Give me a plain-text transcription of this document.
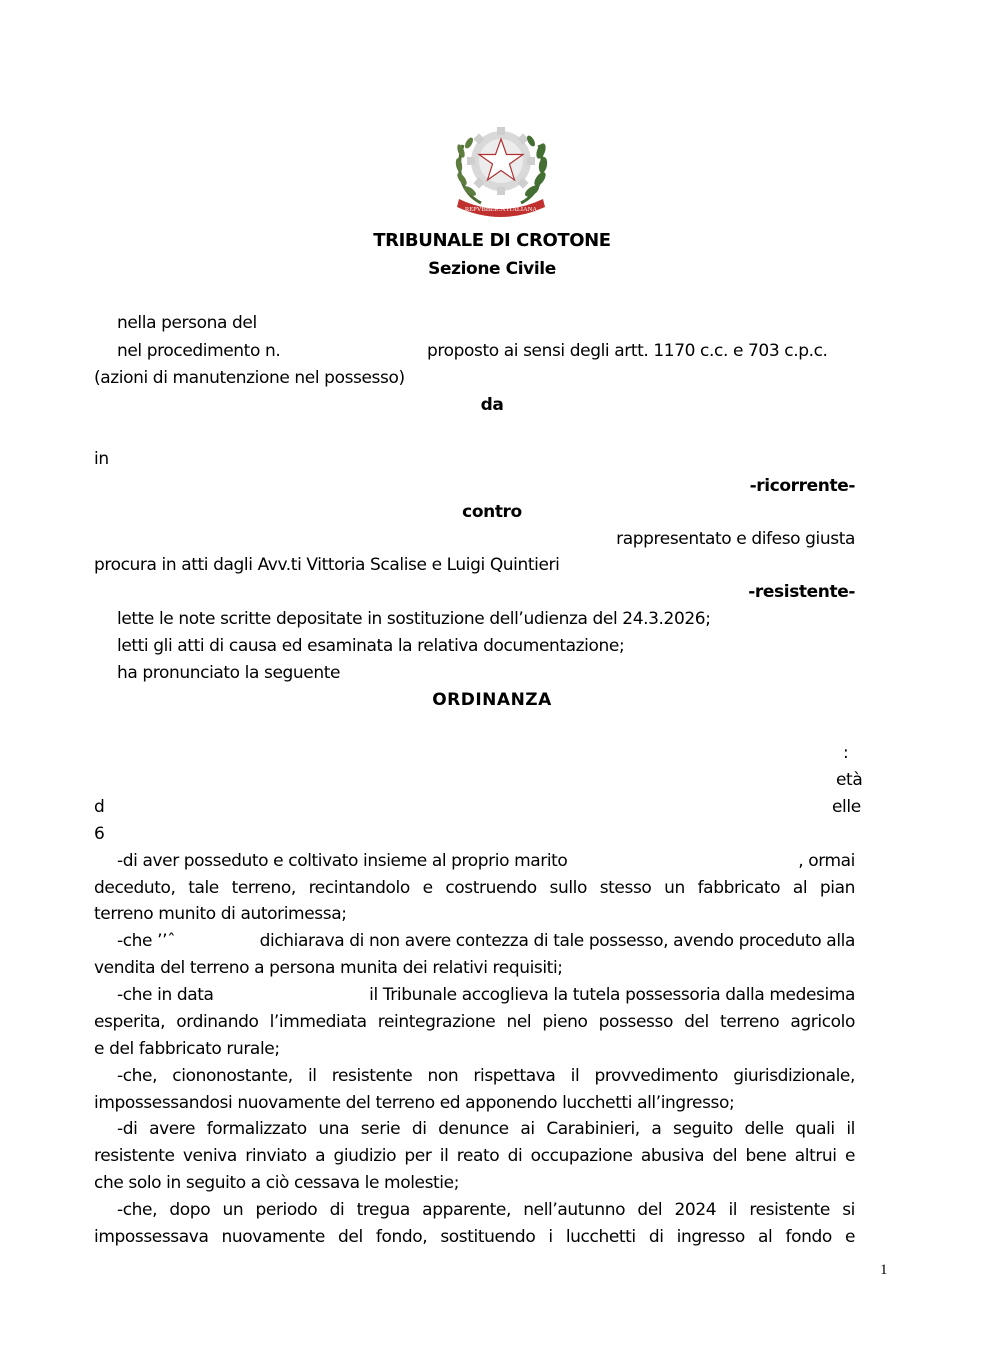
REPVBBLICA ITALIANA
TRIBUNALE DI CROTONE
Sezione Civile
nella persona del
nel procedimento n.	proposto ai sensi degli artt. 1170 c.c. e 703 c.p.c.
(azioni di manutenzione nel possesso)
da
in
-ricorrente-
contro
rappresentato e difeso giusta
procura in atti dagli Avv.ti Vittoria Scalise e Luigi Quintieri
-resistente-
lette le note scritte depositate in sostituzione dell’udienza del 24.3.2026;
letti gli atti di causa ed esaminata la relativa documentazione;
ha pronunciato la seguente
ORDINANZA
:
età
d	elle
6
-di aver posseduto e coltivato insieme al proprio marito	, ormai
deceduto, tale terreno, recintandolo e costruendo sullo stesso un fabbricato al pian
terreno munito di autorimessa;
-che ’’ˆ	dichiarava di non avere contezza di tale possesso, avendo proceduto alla
vendita del terreno a persona munita dei relativi requisiti;
-che in data	il Tribunale accoglieva la tutela possessoria dalla medesima
esperita, ordinando l’immediata reintegrazione nel pieno possesso del terreno agricolo
e del fabbricato rurale;
-che, ciononostante, il resistente non rispettava il provvedimento giurisdizionale,
impossessandosi nuovamente del terreno ed apponendo lucchetti all’ingresso;
-di avere formalizzato una serie di denunce ai Carabinieri, a seguito delle quali il
resistente veniva rinviato a giudizio per il reato di occupazione abusiva del bene altrui e
che solo in seguito a ciò cessava le molestie;
-che, dopo un periodo di tregua apparente, nell’autunno del 2024 il resistente si
impossessava nuovamente del fondo, sostituendo i lucchetti di ingresso al fondo e
1
